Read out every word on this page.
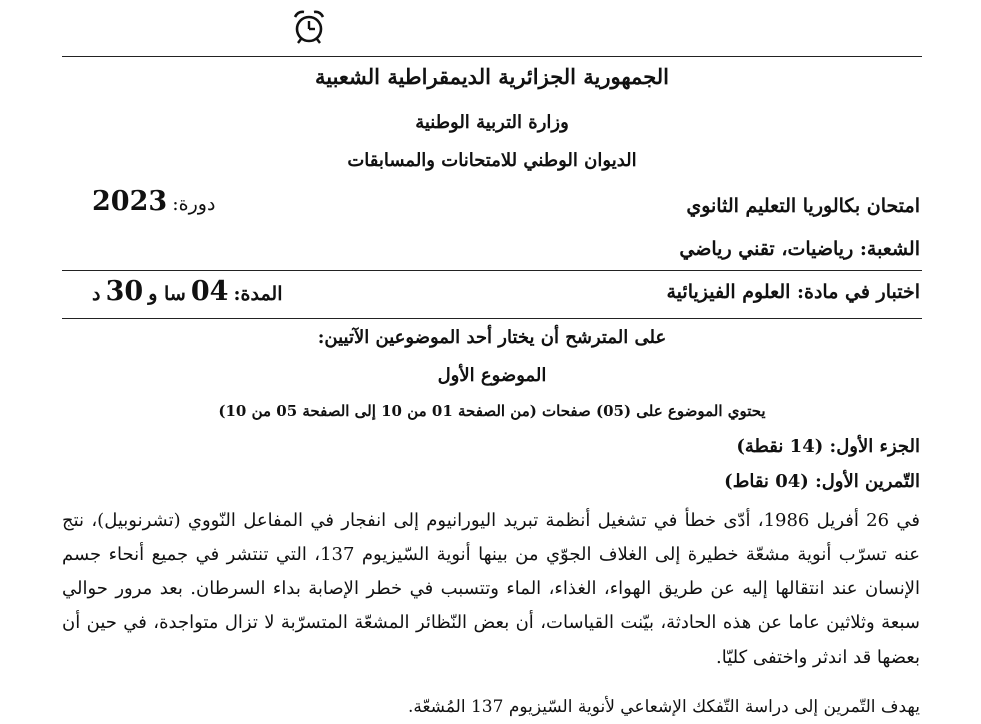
الجمهورية الجزائرية الديمقراطية الشعبية
وزارة التربية الوطنية
الديوان الوطني للامتحانات والمسابقات
امتحان بكالوريا التعليم الثانوي
دورة: 2023
الشعبة: رياضيات، تقني رياضي
اختبار في مادة: العلوم الفيزيائية
المدة: 04 سا و 30 د
على المترشح أن يختار أحد الموضوعين الآتيين:
الموضوع الأول
يحتوي الموضوع على (05) صفحات (من الصفحة 01 من 10 إلى الصفحة 05 من 10)
الجزء الأول: (14 نقطة)
التّمرين الأول: (04 نقاط)
في 26 أفريل 1986، أدّى خطأ في تشغيل أنظمة تبريد اليورانيوم إلى انفجار في المفاعل النّووي (تشرنوبيل)، نتج
عنه تسرّب أنوية مشعّة خطيرة إلى الغلاف الجوّي من بينها أنوية السّيزيوم 137، التي تنتشر في جميع أنحاء جسم
الإنسان عند انتقالها إليه عن طريق الهواء، الغذاء، الماء وتتسبب في خطر الإصابة بداء السرطان. بعد مرور حوالي
سبعة وثلاثين عاما عن هذه الحادثة، بيّنت القياسات، أن بعض النّظائر المشعّة المتسرّبة لا تزال متواجدة، في حين أن
بعضها قد اندثر واختفى كليّا.
يهدف التّمرين إلى دراسة التّفكك الإشعاعي لأنوية السّيزيوم 137 المُشعّة.
